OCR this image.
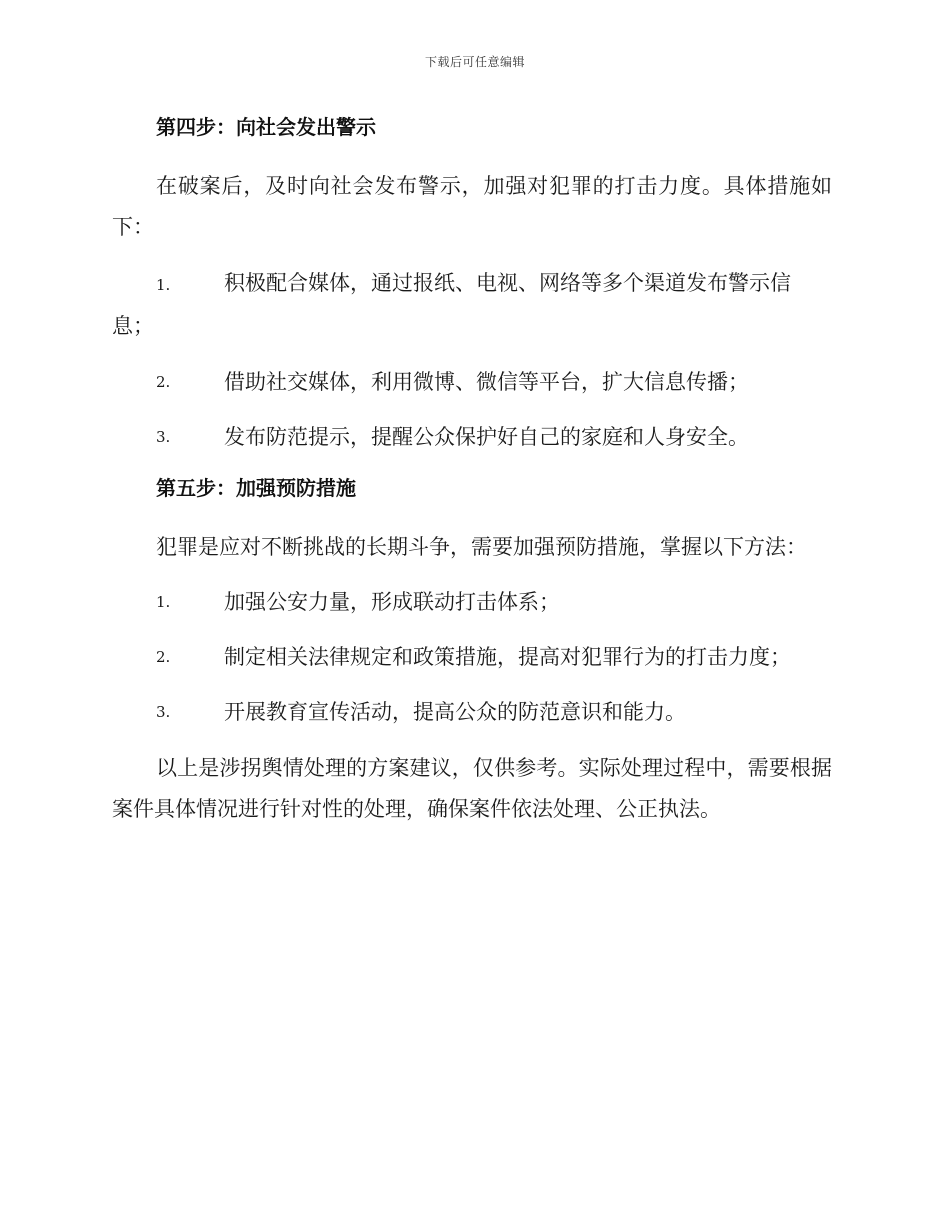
下载后可任意编辑
第四步：向社会发出警示

在破案后，及时向社会发布警示，加强对犯罪的打击力度。具体措施如下：

1.	积极配合媒体，通过报纸、电视、网络等多个渠道发布警示信息；

2.	借助社交媒体，利用微博、微信等平台，扩大信息传播；
3.	发布防范提示，提醒公众保护好自己的家庭和人身安全。
第五步：加强预防措施

犯罪是应对不断挑战的长期斗争，需要加强预防措施，掌握以下方法：

1.	加强公安力量，形成联动打击体系；
2.	制定相关法律规定和政策措施，提高对犯罪行为的打击力度；
3.	开展教育宣传活动，提高公众的防范意识和能力。

以上是涉拐舆情处理的方案建议，仅供参考。实际处理过程中，需要根据案件具体情况进行针对性的处理，确保案件依法处理、公正执法。
